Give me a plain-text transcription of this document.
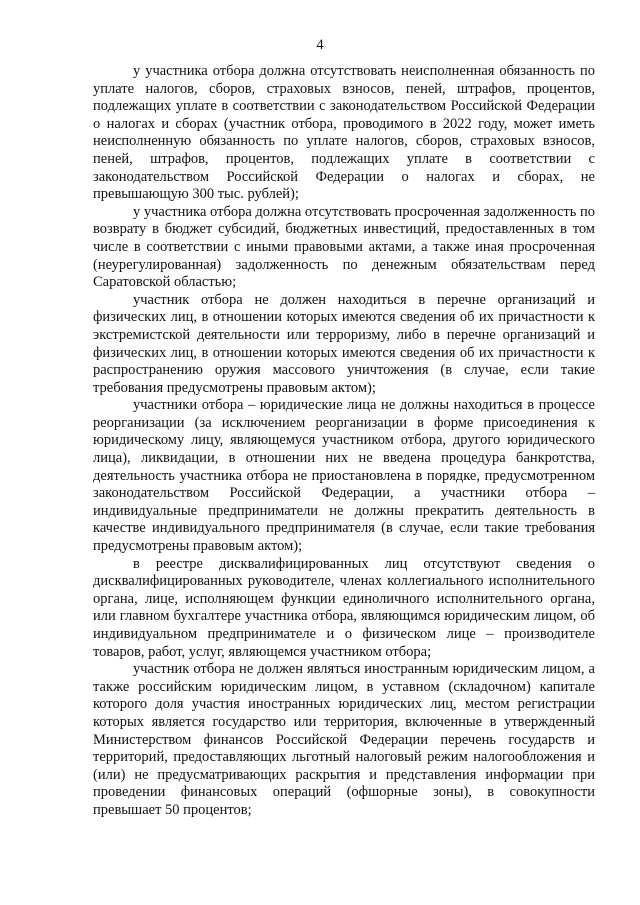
4

у участника отбора должна отсутствовать неисполненная обязанность по уплате налогов, сборов, страховых взносов, пеней, штрафов, процентов, подлежащих уплате в соответствии с законодательством Российской Федерации о налогах и сборах (участник отбора, проводимого в 2022 году, может иметь неисполненную обязанность по уплате налогов, сборов, страховых взносов, пеней, штрафов, процентов, подлежащих уплате в соответствии с законодательством Российской Федерации о налогах и сборах, не превышающую 300 тыс. рублей);

у участника отбора должна отсутствовать просроченная задолженность по возврату в бюджет субсидий, бюджетных инвестиций, предоставленных в том числе в соответствии с иными правовыми актами, а также иная просроченная (неурегулированная) задолженность по денежным обязательствам перед Саратовской областью;

участник отбора не должен находиться в перечне организаций и физических лиц, в отношении которых имеются сведения об их причастности к экстремистской деятельности или терроризму, либо в перечне организаций и физических лиц, в отношении которых имеются сведения об их причастности к распространению оружия массового уничтожения (в случае, если такие требования предусмотрены правовым актом);

участники отбора – юридические лица не должны находиться в процессе реорганизации (за исключением реорганизации в форме присоединения к юридическому лицу, являющемуся участником отбора, другого юридического лица), ликвидации, в отношении них не введена процедура банкротства, деятельность участника отбора не приостановлена в порядке, предусмотренном законодательством Российской Федерации, а участники отбора – индивидуальные предприниматели не должны прекратить деятельность в качестве индивидуального предпринимателя (в случае, если такие требования предусмотрены правовым актом);

в реестре дисквалифицированных лиц отсутствуют сведения о дисквалифицированных руководителе, членах коллегиального исполнительного органа, лице, исполняющем функции единоличного исполнительного органа, или главном бухгалтере участника отбора, являющимся юридическим лицом, об индивидуальном предпринимателе и о физическом лице – производителе товаров, работ, услуг, являющемся участником отбора;

участник отбора не должен являться иностранным юридическим лицом, а также российским юридическим лицом, в уставном (складочном) капитале которого доля участия иностранных юридических лиц, местом регистрации которых является государство или территория, включенные в утвержденный Министерством финансов Российской Федерации перечень государств и территорий, предоставляющих льготный налоговый режим налогообложения и (или) не предусматривающих раскрытия и представления информации при проведении финансовых операций (офшорные зоны), в совокупности превышает 50 процентов;
